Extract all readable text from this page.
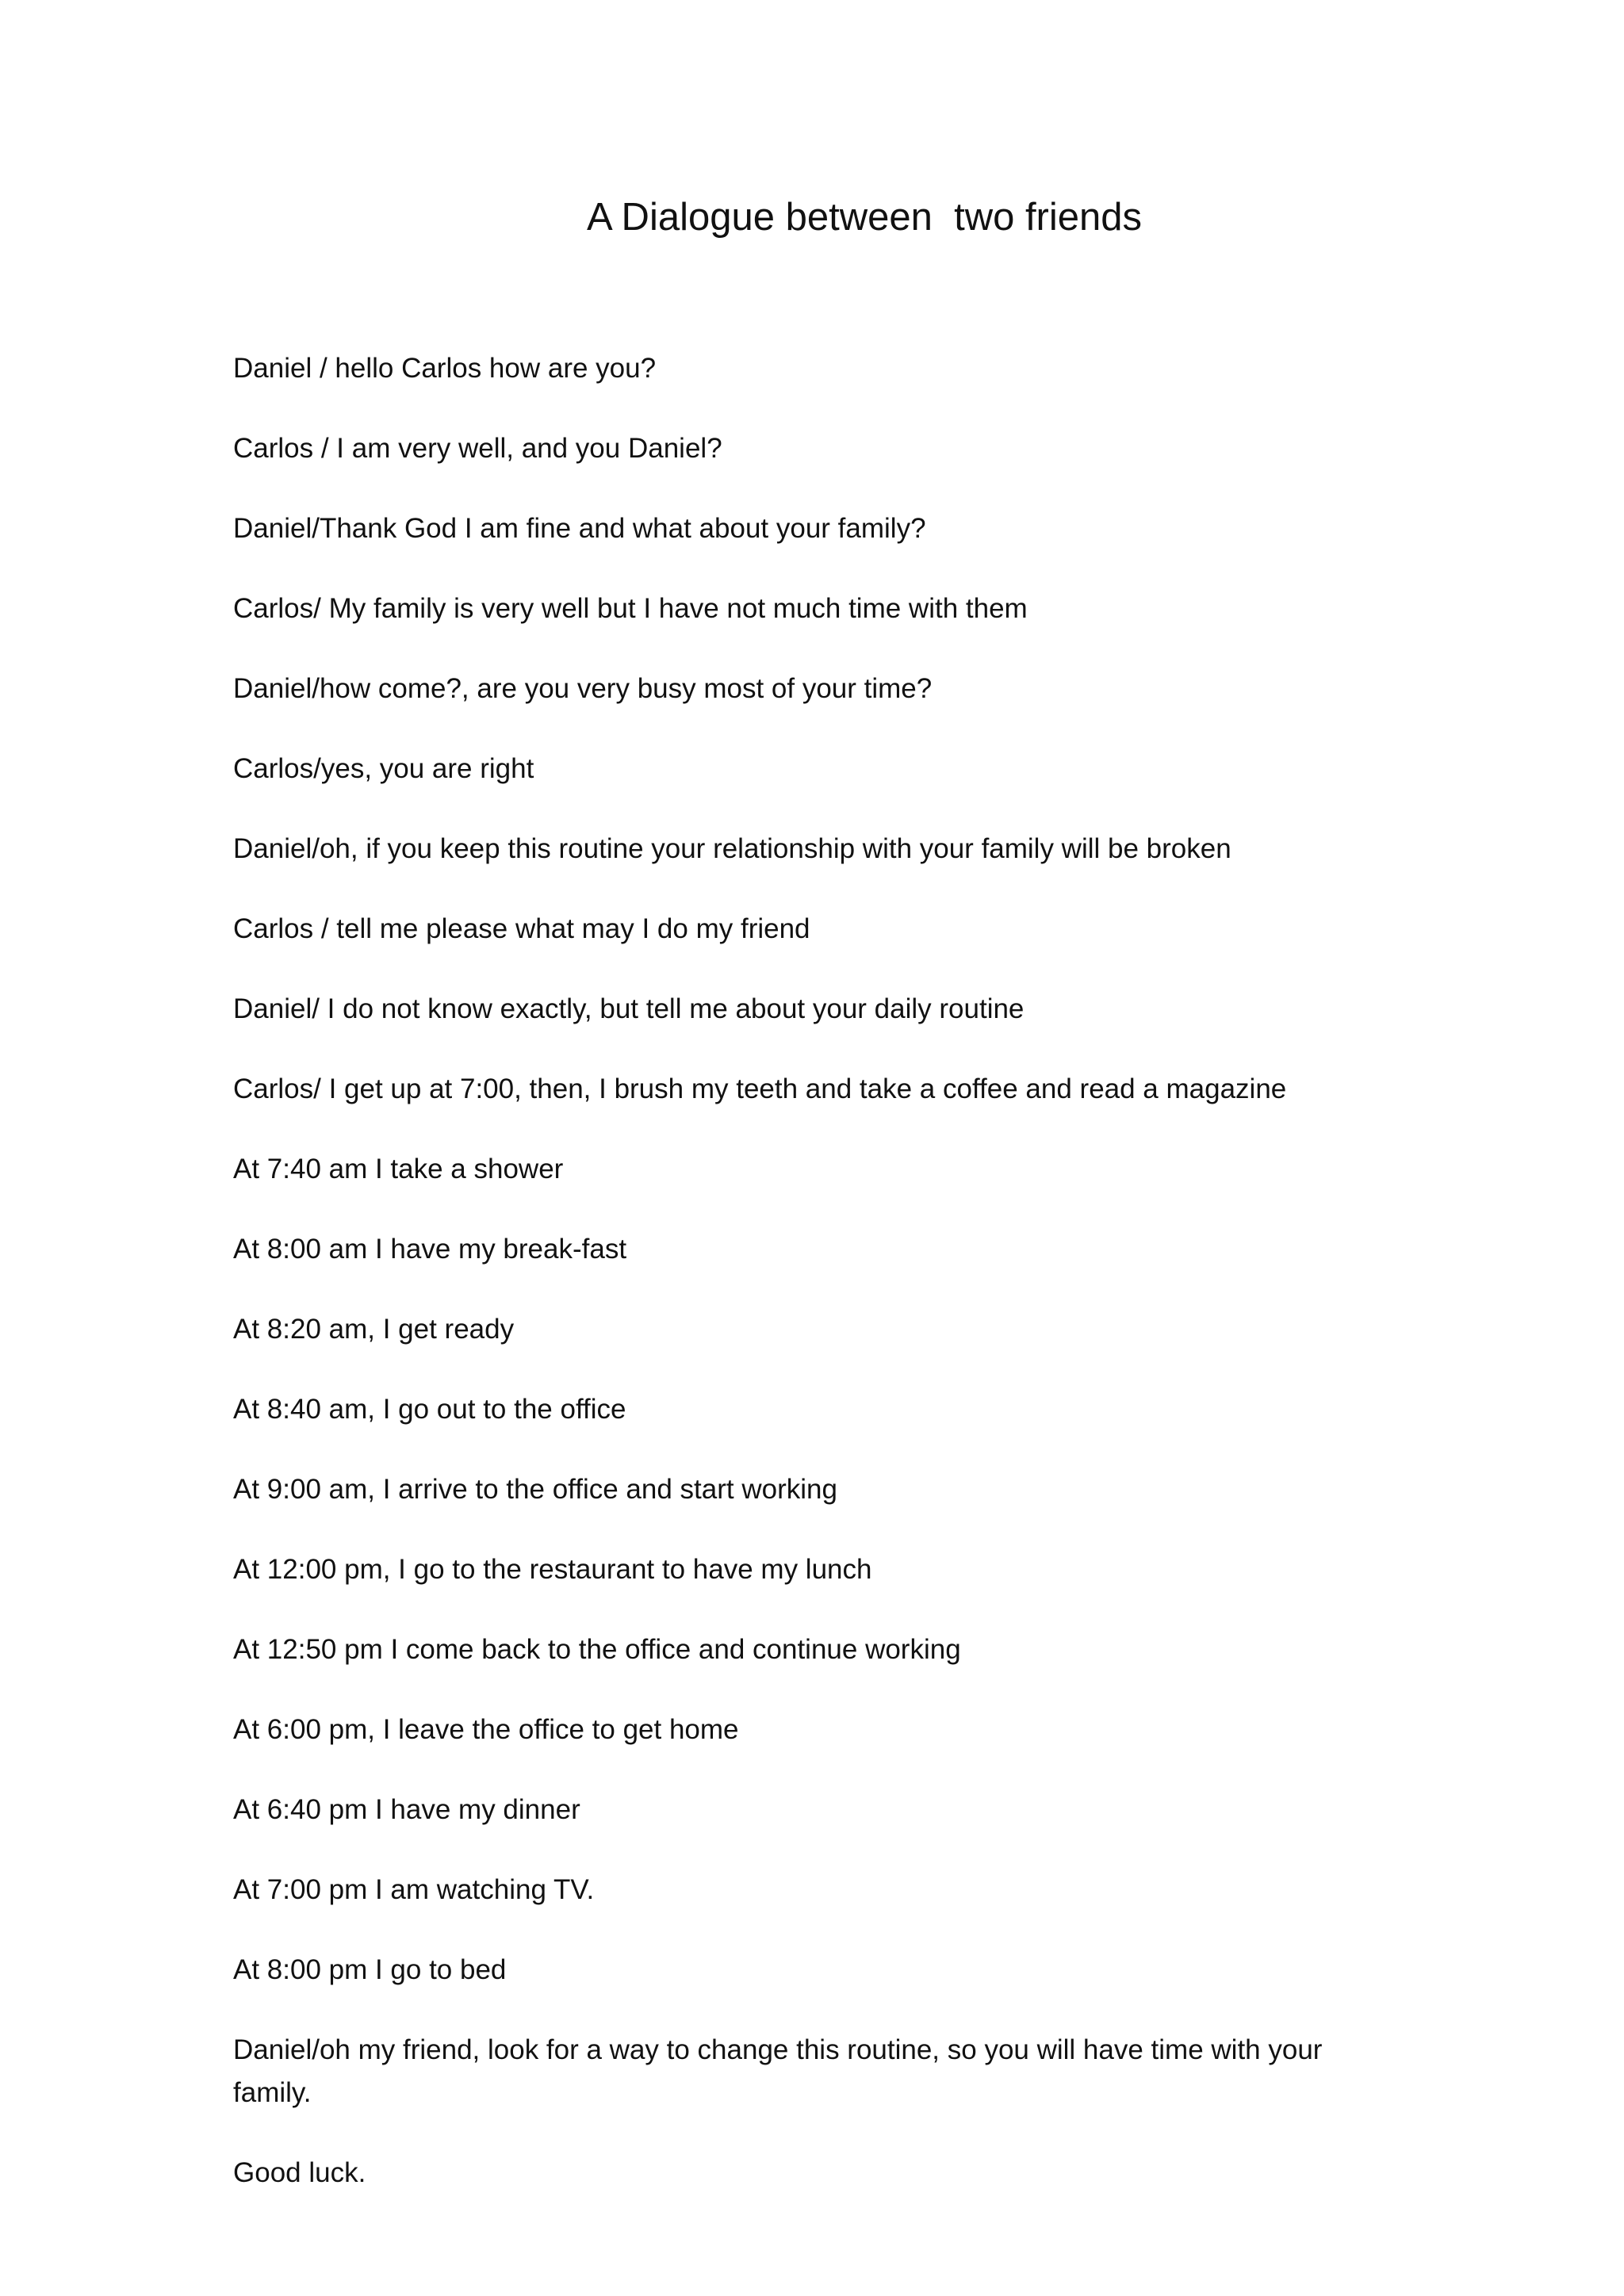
A Dialogue between  two friends

Daniel / hello Carlos how are you?

Carlos / I am very well, and you Daniel?

Daniel/Thank God I am fine and what about your family?

Carlos/ My family is very well but I have not much time with them

Daniel/how come?, are you very busy most of your time?

Carlos/yes, you are right

Daniel/oh, if you keep this routine your relationship with your family will be broken

Carlos / tell me please what may I do my friend

Daniel/ I do not know exactly, but tell me about your daily routine

Carlos/ I get up at 7:00, then, I brush my teeth and take a coffee and read a magazine

At 7:40 am I take a shower

At 8:00 am I have my break-fast

At 8:20 am, I get ready

At 8:40 am, I go out to the office

At 9:00 am, I arrive to the office and start working

At 12:00 pm, I go to the restaurant to have my lunch

At 12:50 pm I come back to the office and continue working

At 6:00 pm, I leave the office to get home

At 6:40 pm I have my dinner

At 7:00 pm I am watching TV.

At 8:00 pm I go to bed

Daniel/oh my friend, look for a way to change this routine, so you will have time with your family.

Good luck.
